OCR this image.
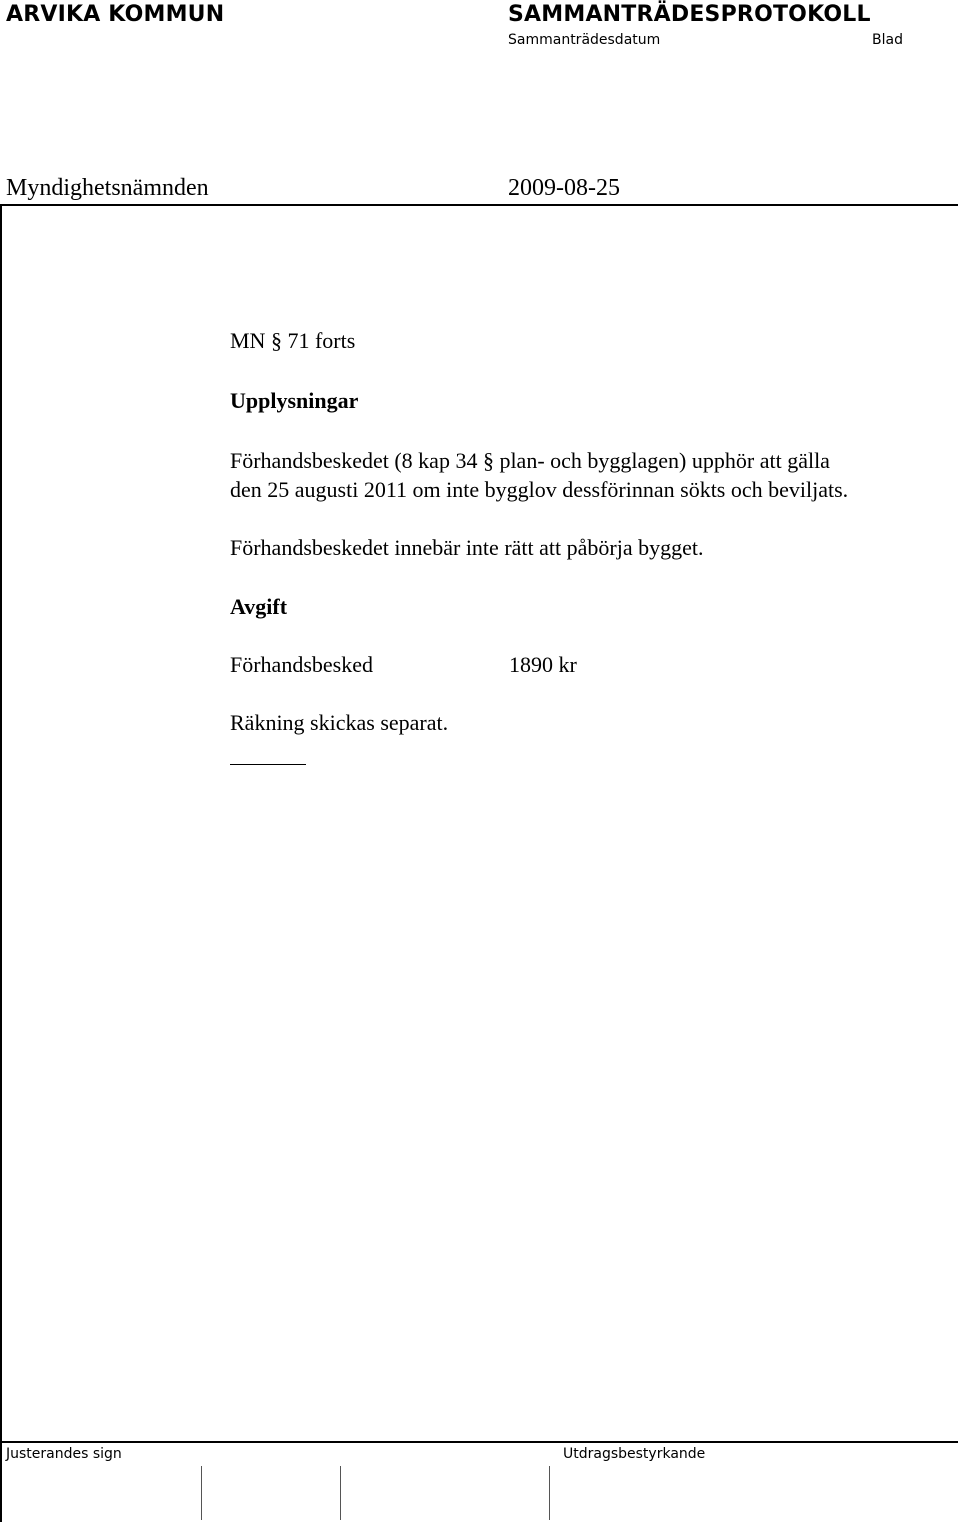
ARVIKA KOMMUN	SAMMANTRÄDESPROTOKOLL
Sammanträdesdatum	Blad
Myndighetsnämnden	2009-08-25
MN § 71 forts
Upplysningar
Förhandsbeskedet (8 kap 34 § plan- och bygglagen) upphör att gälla
den 25 augusti 2011 om inte bygglov dessförinnan sökts och beviljats.
Förhandsbeskedet innebär inte rätt att påbörja bygget.
Avgift
Förhandsbesked	1890 kr
Räkning skickas separat.
Justerandes sign	Utdragsbestyrkande
